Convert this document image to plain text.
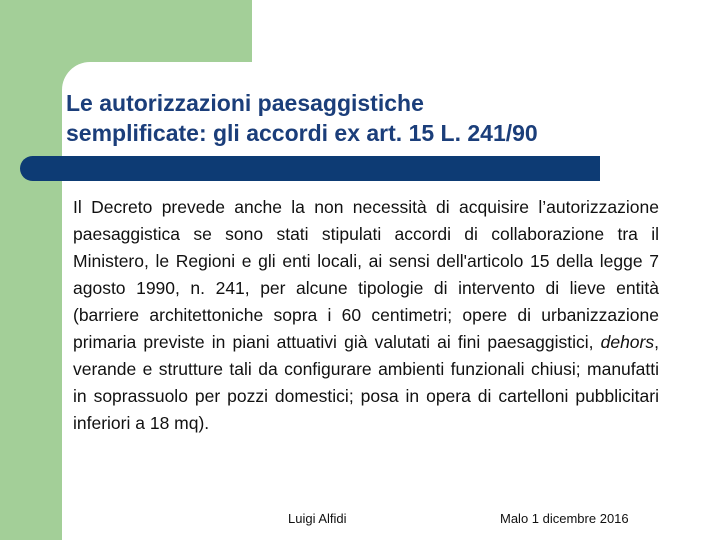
Le autorizzazioni paesaggistiche
semplificate: gli accordi ex art. 15 L. 241/90

Il Decreto prevede anche la non necessità di acquisire l’autorizzazione paesaggistica se sono stati stipulati accordi di collaborazione tra il Ministero, le Regioni e gli enti locali, ai sensi dell'articolo 15 della legge 7 agosto 1990, n. 241, per alcune tipologie di intervento di lieve entità (barriere architettoniche sopra i 60 centimetri; opere di urbanizzazione primaria previste in piani attuativi già valutati ai fini paesaggistici, dehors, verande e strutture tali da configurare ambienti funzionali chiusi; manufatti in soprassuolo per pozzi domestici; posa in opera di cartelloni pubblicitari inferiori a 18 mq).

Luigi Alfidi	Malo 1 dicembre 2016
